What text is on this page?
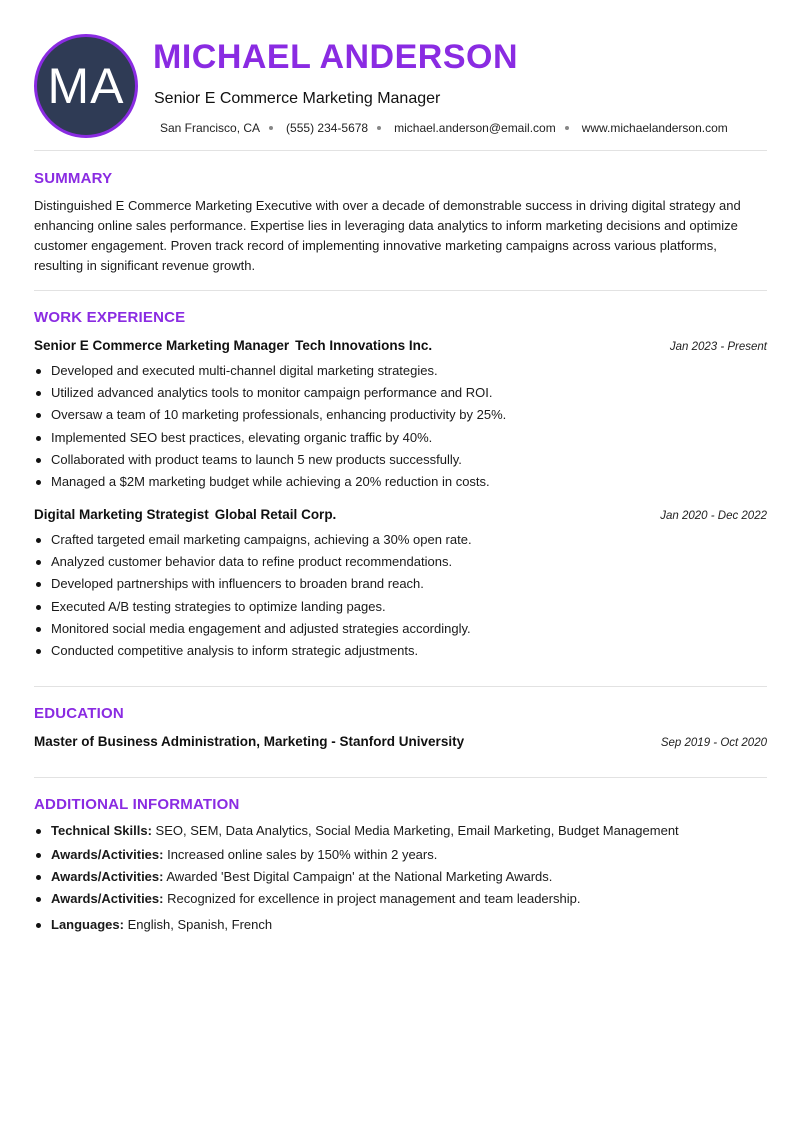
MA
MICHAEL ANDERSON
Senior E Commerce Marketing Manager
San Francisco, CA (555) 234-5678 michael.anderson@email.com www.michaelanderson.com
SUMMARY
Distinguished E Commerce Marketing Executive with over a decade of demonstrable success in driving digital strategy and enhancing online sales performance. Expertise lies in leveraging data analytics to inform marketing decisions and optimize customer engagement. Proven track record of implementing innovative marketing campaigns across various platforms, resulting in significant revenue growth.
WORK EXPERIENCE
Senior E Commerce Marketing Manager Tech Innovations Inc.	Jan 2023 - Present
Developed and executed multi-channel digital marketing strategies.
Utilized advanced analytics tools to monitor campaign performance and ROI.
Oversaw a team of 10 marketing professionals, enhancing productivity by 25%.
Implemented SEO best practices, elevating organic traffic by 40%.
Collaborated with product teams to launch 5 new products successfully.
Managed a $2M marketing budget while achieving a 20% reduction in costs.
Digital Marketing Strategist Global Retail Corp.	Jan 2020 - Dec 2022
Crafted targeted email marketing campaigns, achieving a 30% open rate.
Analyzed customer behavior data to refine product recommendations.
Developed partnerships with influencers to broaden brand reach.
Executed A/B testing strategies to optimize landing pages.
Monitored social media engagement and adjusted strategies accordingly.
Conducted competitive analysis to inform strategic adjustments.
EDUCATION
Master of Business Administration, Marketing - Stanford University	Sep 2019 - Oct 2020
ADDITIONAL INFORMATION
Technical Skills: SEO, SEM, Data Analytics, Social Media Marketing, Email Marketing, Budget Management
Awards/Activities: Increased online sales by 150% within 2 years.
Awards/Activities: Awarded 'Best Digital Campaign' at the National Marketing Awards.
Awards/Activities: Recognized for excellence in project management and team leadership.
Languages: English, Spanish, French
